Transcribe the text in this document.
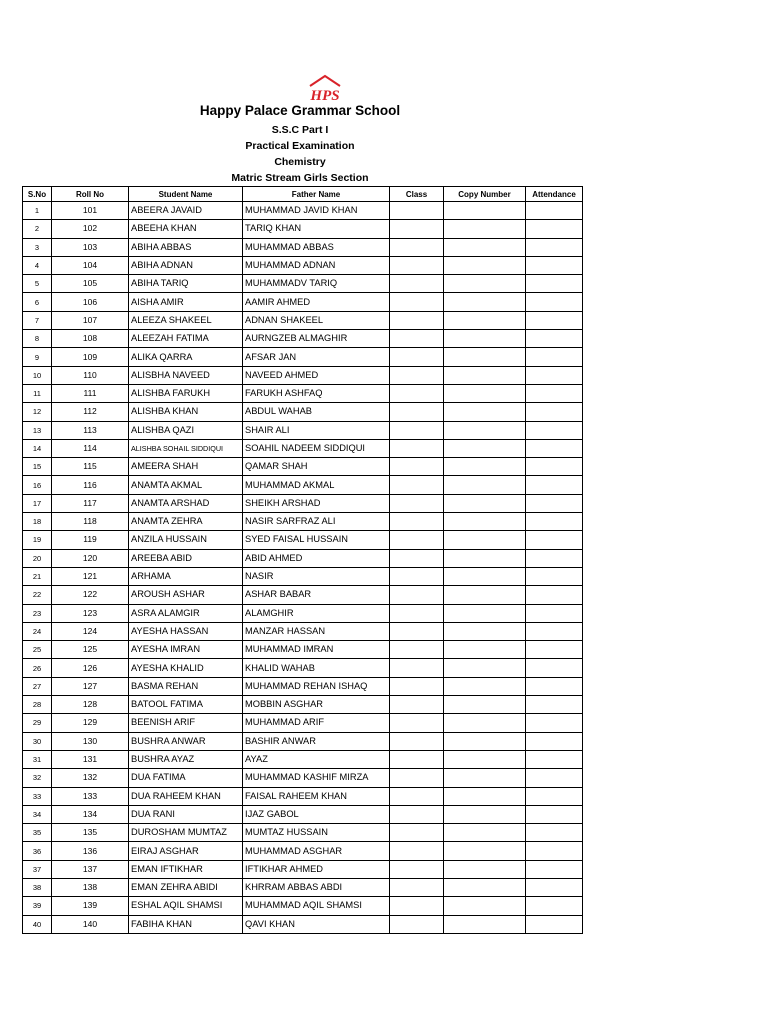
HPS
Happy Palace Grammar School
S.S.C Part I
Practical Examination
Chemistry
Matric Stream Girls Section
S.No	Roll No	Student Name	Father Name	Class	Copy Number	Attendance
1	101	ABEERA JAVAID	MUHAMMAD JAVID KHAN			
2	102	ABEEHA KHAN	TARIQ KHAN			
3	103	ABIHA ABBAS	MUHAMMAD ABBAS			
4	104	ABIHA ADNAN	MUHAMMAD ADNAN			
5	105	ABIHA TARIQ	MUHAMMADV TARIQ			
6	106	AISHA AMIR	AAMIR AHMED			
7	107	ALEEZA SHAKEEL	ADNAN SHAKEEL			
8	108	ALEEZAH FATIMA	AURNGZEB ALMAGHIR			
9	109	ALIKA QARRA	AFSAR JAN			
10	110	ALISBHA NAVEED	NAVEED AHMED			
11	111	ALISHBA FARUKH	FARUKH ASHFAQ			
12	112	ALISHBA KHAN	ABDUL WAHAB			
13	113	ALISHBA QAZI	SHAIR ALI			
14	114	ALISHBA SOHAIL SIDDIQUI	SOAHIL NADEEM SIDDIQUI			
15	115	AMEERA SHAH	QAMAR SHAH			
16	116	ANAMTA AKMAL	MUHAMMAD AKMAL			
17	117	ANAMTA ARSHAD	SHEIKH ARSHAD			
18	118	ANAMTA ZEHRA	NASIR SARFRAZ ALI			
19	119	ANZILA HUSSAIN	SYED FAISAL HUSSAIN			
20	120	AREEBA ABID	ABID AHMED			
21	121	ARHAMA	NASIR			
22	122	AROUSH ASHAR	ASHAR BABAR			
23	123	ASRA ALAMGIR	ALAMGHIR			
24	124	AYESHA HASSAN	MANZAR HASSAN			
25	125	AYESHA IMRAN	MUHAMMAD IMRAN			
26	126	AYESHA KHALID	KHALID WAHAB			
27	127	BASMA REHAN	MUHAMMAD REHAN ISHAQ			
28	128	BATOOL FATIMA	MOBBIN ASGHAR			
29	129	BEENISH ARIF	MUHAMMAD ARIF			
30	130	BUSHRA ANWAR	BASHIR ANWAR			
31	131	BUSHRA AYAZ	AYAZ			
32	132	DUA FATIMA	MUHAMMAD KASHIF MIRZA			
33	133	DUA RAHEEM KHAN	FAISAL RAHEEM KHAN			
34	134	DUA RANI	IJAZ GABOL			
35	135	DUROSHAM MUMTAZ	MUMTAZ HUSSAIN			
36	136	EIRAJ ASGHAR	MUHAMMAD ASGHAR			
37	137	EMAN IFTIKHAR	IFTIKHAR AHMED			
38	138	EMAN ZEHRA ABIDI	KHRRAM ABBAS ABDI			
39	139	ESHAL AQIL SHAMSI	MUHAMMAD AQIL SHAMSI			
40	140	FABIHA KHAN	QAVI KHAN			
